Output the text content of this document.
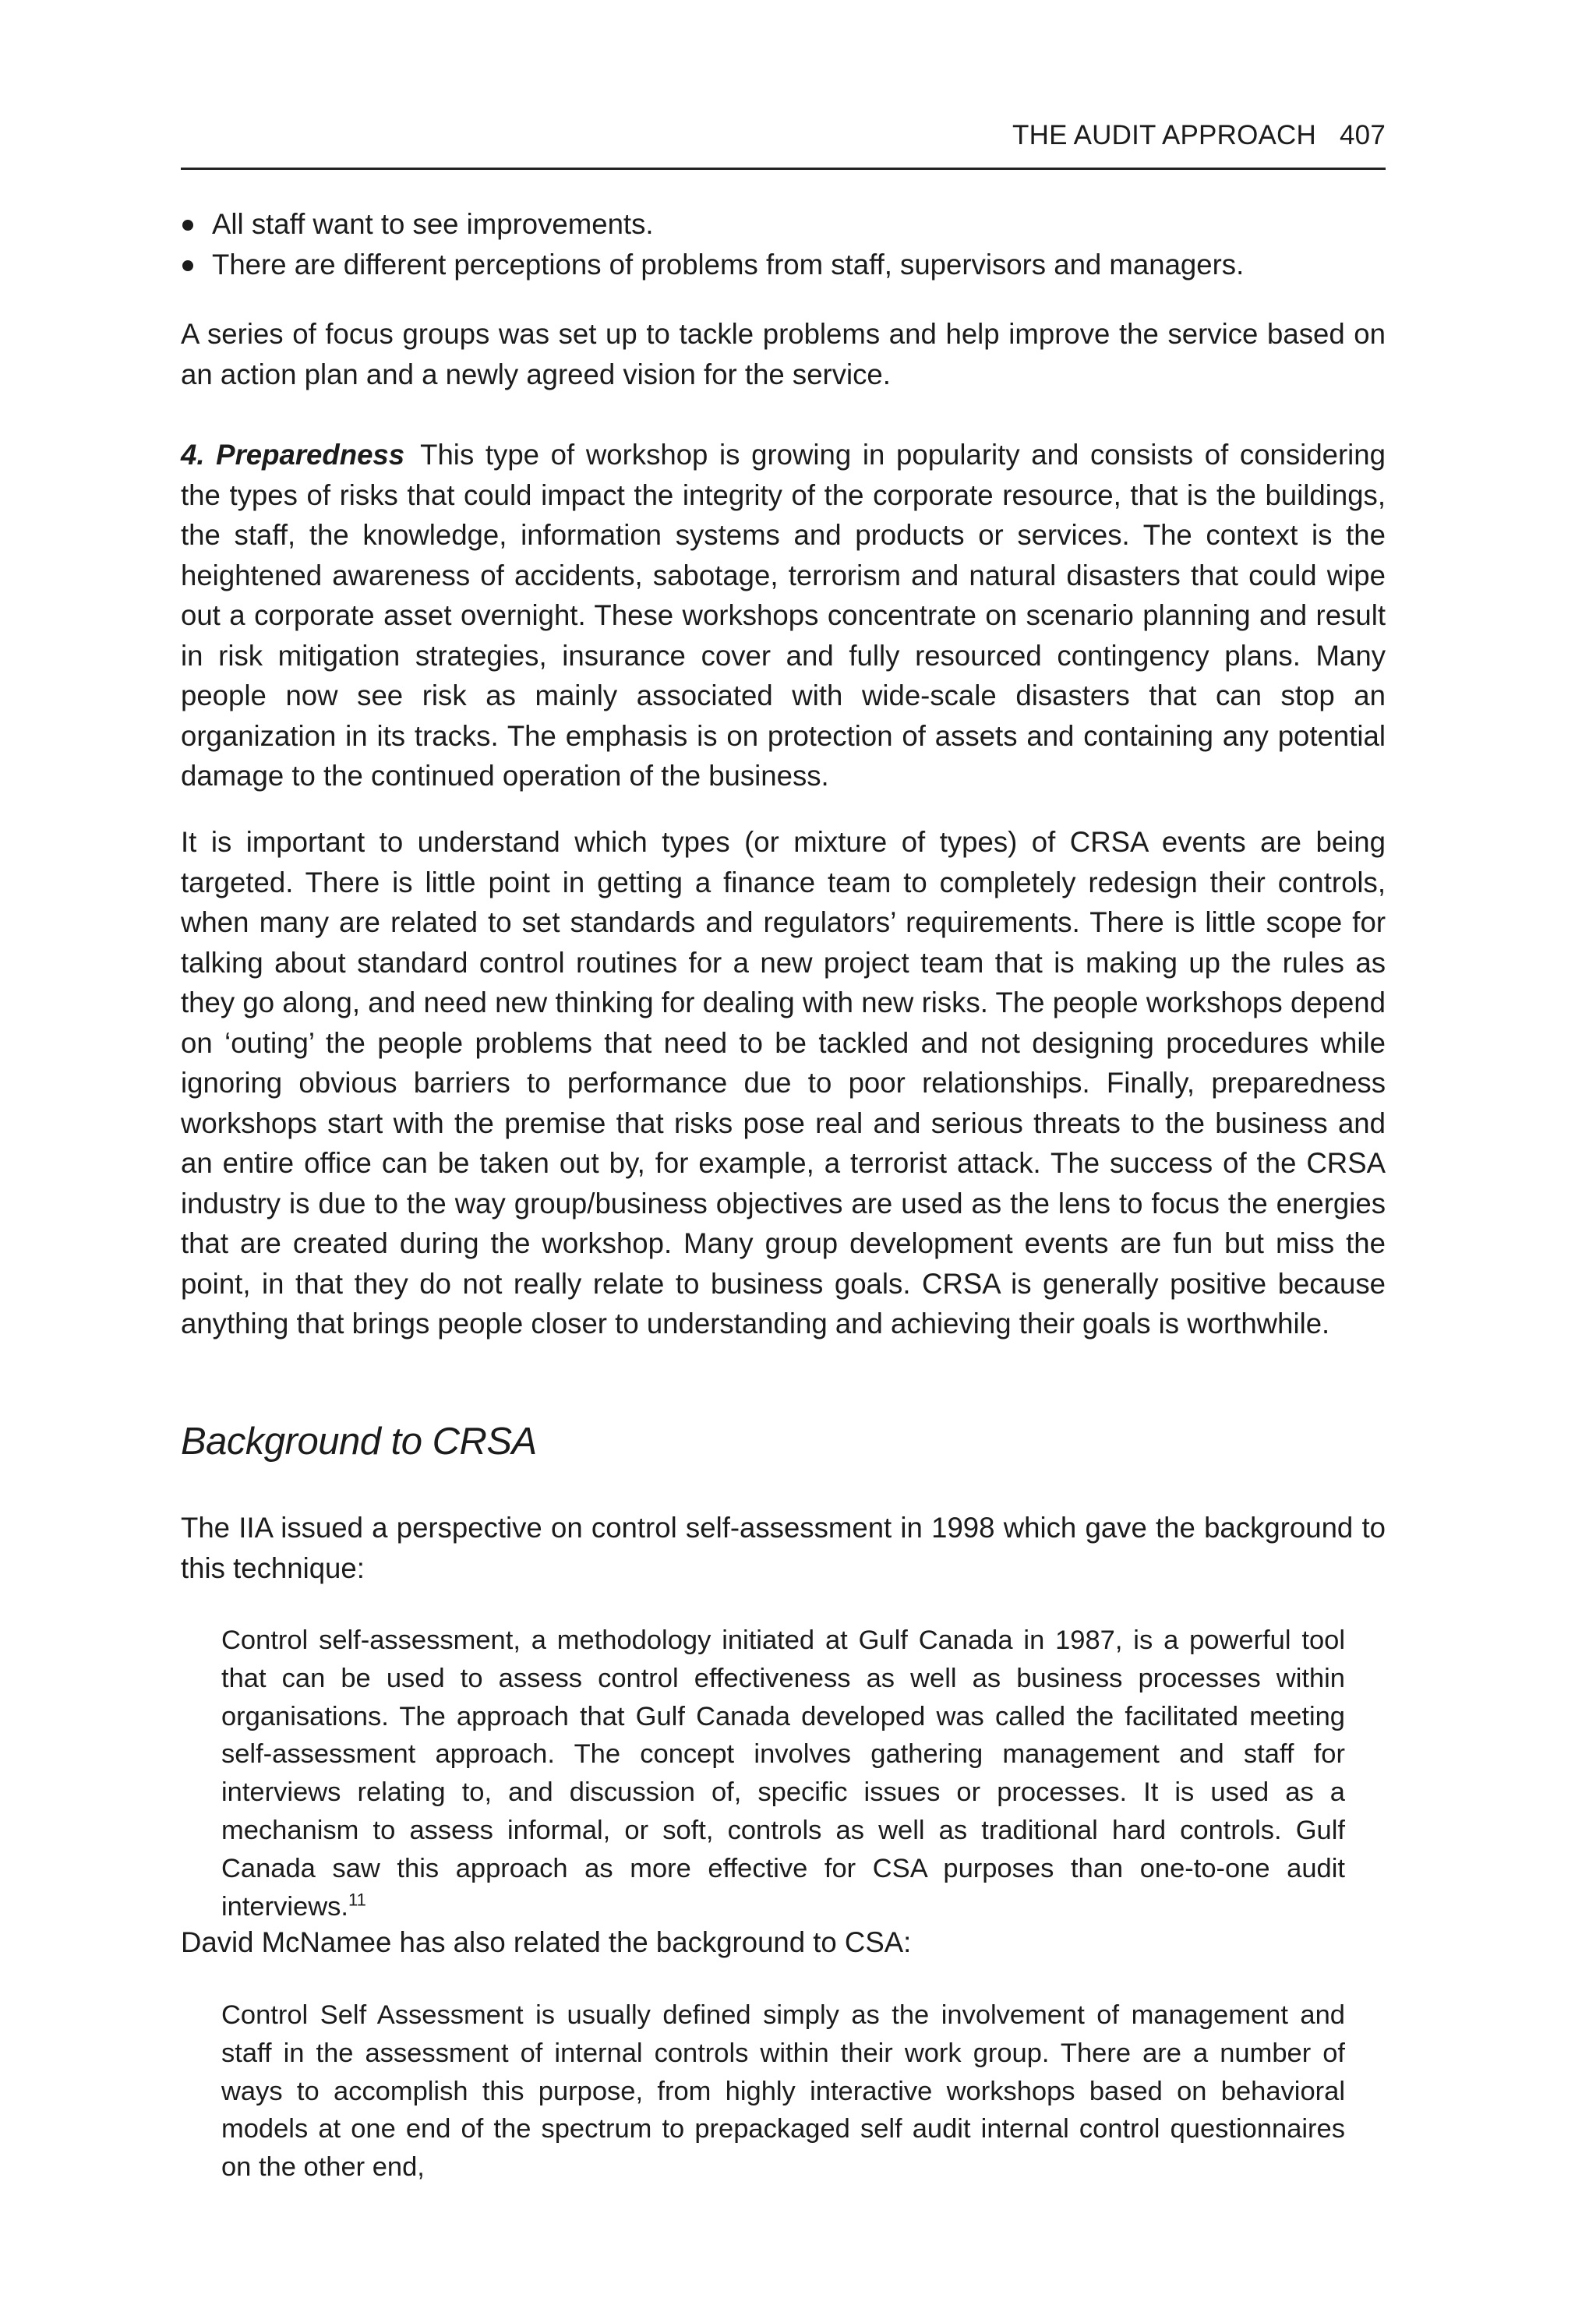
THE AUDIT APPROACH 407
All staff want to see improvements.
There are different perceptions of problems from staff, supervisors and managers.

A series of focus groups was set up to tackle problems and help improve the service based on an action plan and a newly agreed vision for the service.

4. Preparedness This type of workshop is growing in popularity and consists of considering the types of risks that could impact the integrity of the corporate resource, that is the buildings, the staff, the knowledge, information systems and products or services. The context is the heightened awareness of accidents, sabotage, terrorism and natural disasters that could wipe out a corporate asset overnight. These workshops concentrate on scenario planning and result in risk mitigation strategies, insurance cover and fully resourced contingency plans. Many people now see risk as mainly associated with wide-scale disasters that can stop an organization in its tracks. The emphasis is on protection of assets and containing any potential damage to the continued operation of the business.

It is important to understand which types (or mixture of types) of CRSA events are being targeted. There is little point in getting a finance team to completely redesign their controls, when many are related to set standards and regulators’ requirements. There is little scope for talking about standard control routines for a new project team that is making up the rules as they go along, and need new thinking for dealing with new risks. The people workshops depend on ‘outing’ the people problems that need to be tackled and not designing procedures while ignoring obvious barriers to performance due to poor relationships. Finally, preparedness workshops start with the premise that risks pose real and serious threats to the business and an entire office can be taken out by, for example, a terrorist attack. The success of the CRSA industry is due to the way group/business objectives are used as the lens to focus the energies that are created during the workshop. Many group development events are fun but miss the point, in that they do not really relate to business goals. CRSA is generally positive because anything that brings people closer to understanding and achieving their goals is worthwhile.

Background to CRSA

The IIA issued a perspective on control self-assessment in 1998 which gave the background to this technique:

Control self-assessment, a methodology initiated at Gulf Canada in 1987, is a powerful tool that can be used to assess control effectiveness as well as business processes within organisations. The approach that Gulf Canada developed was called the facilitated meeting self-assessment approach. The concept involves gathering management and staff for interviews relating to, and discussion of, specific issues or processes. It is used as a mechanism to assess informal, or soft, controls as well as traditional hard controls. Gulf Canada saw this approach as more effective for CSA purposes than one-to-one audit interviews.$^{11}$

David McNamee has also related the background to CSA:

Control Self Assessment is usually defined simply as the involvement of management and staff in the assessment of internal controls within their work group. There are a number of ways to accomplish this purpose, from highly interactive workshops based on behavioral models at one end of the spectrum to prepackaged self audit internal control questionnaires on the other end,
